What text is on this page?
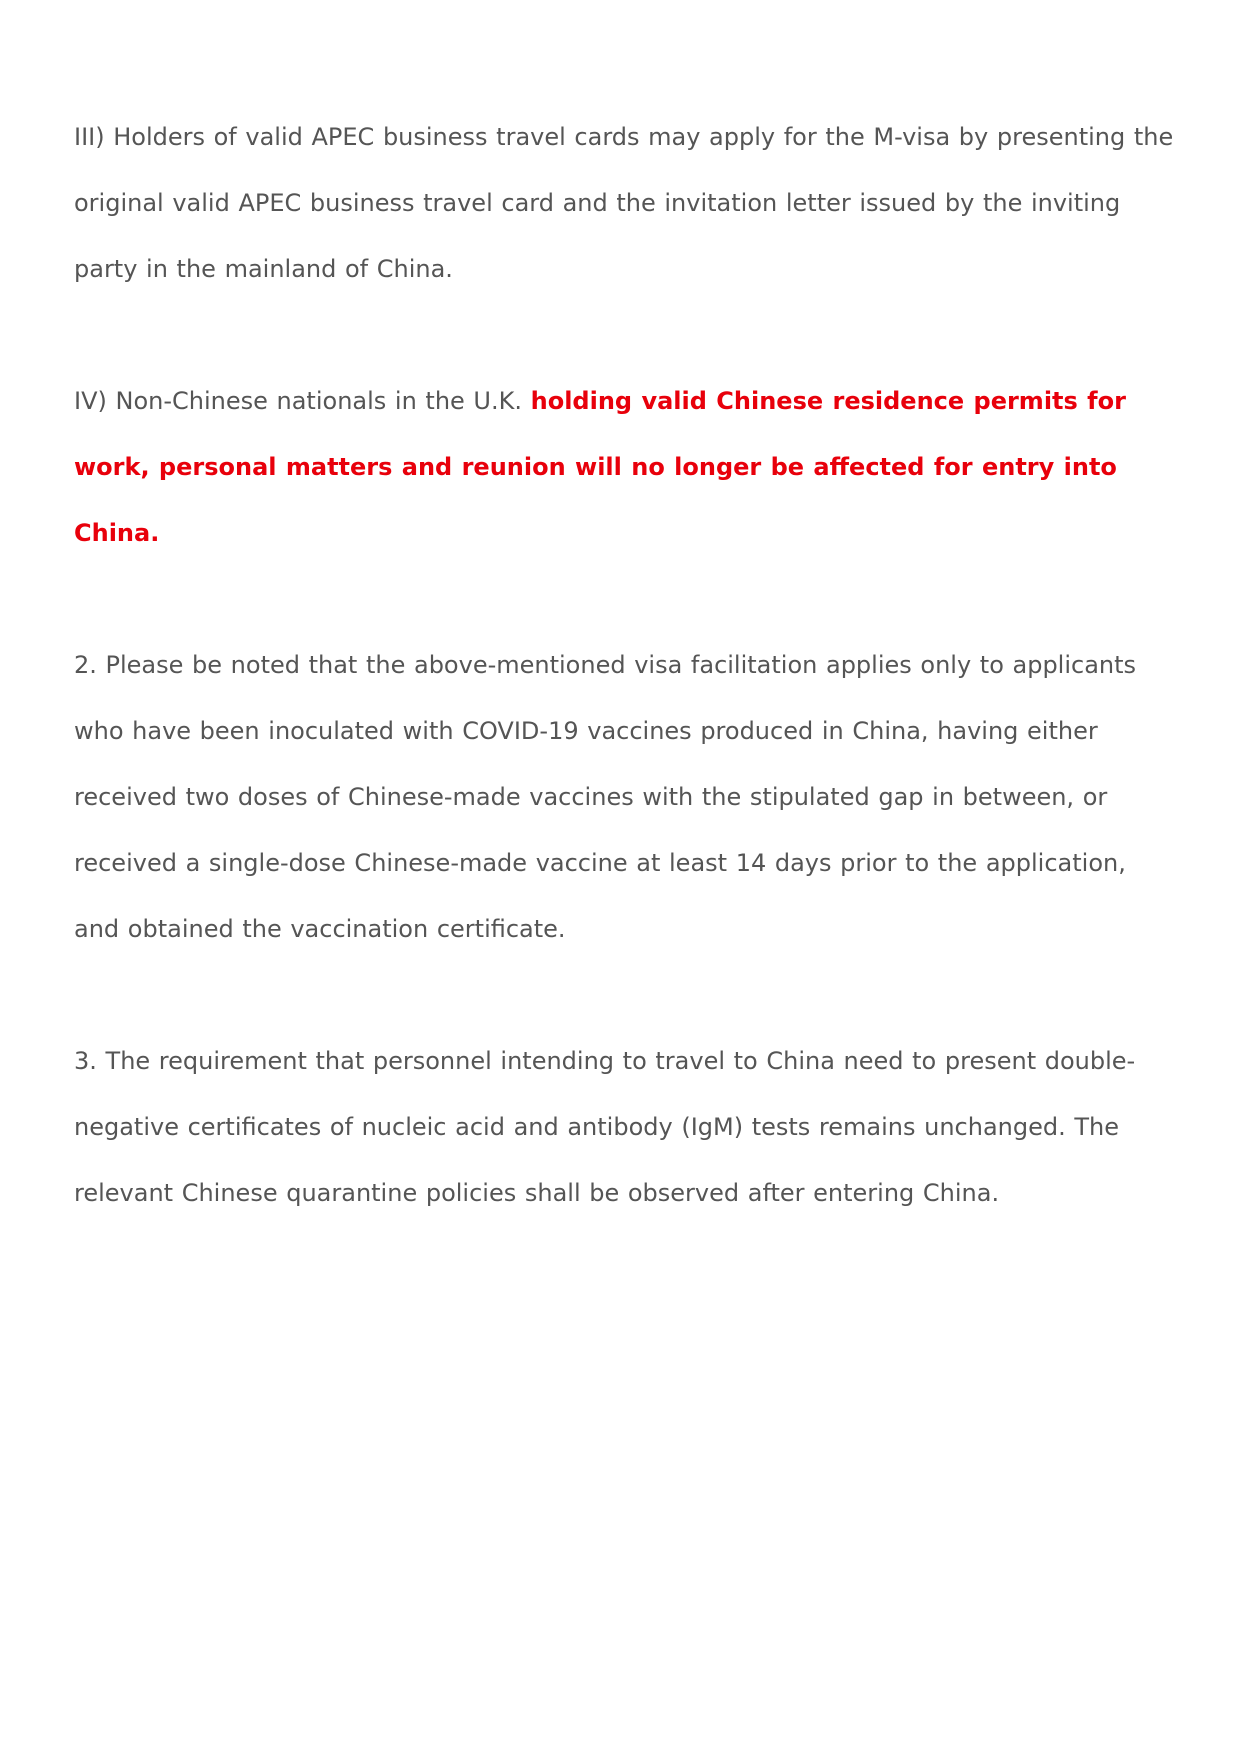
III) Holders of valid APEC business travel cards may apply for the M-visa by presenting the original valid APEC business travel card and the invitation letter issued by the inviting party in the mainland of China.

IV) Non-Chinese nationals in the U.K. holding valid Chinese residence permits for work, personal matters and reunion will no longer be affected for entry into China.

2. Please be noted that the above-mentioned visa facilitation applies only to applicants who have been inoculated with COVID-19 vaccines produced in China, having either received two doses of Chinese-made vaccines with the stipulated gap in between, or received a single-dose Chinese-made vaccine at least 14 days prior to the application, and obtained the vaccination certificate.

3. The requirement that personnel intending to travel to China need to present double-negative certificates of nucleic acid and antibody (IgM) tests remains unchanged. The relevant Chinese quarantine policies shall be observed after entering China.
